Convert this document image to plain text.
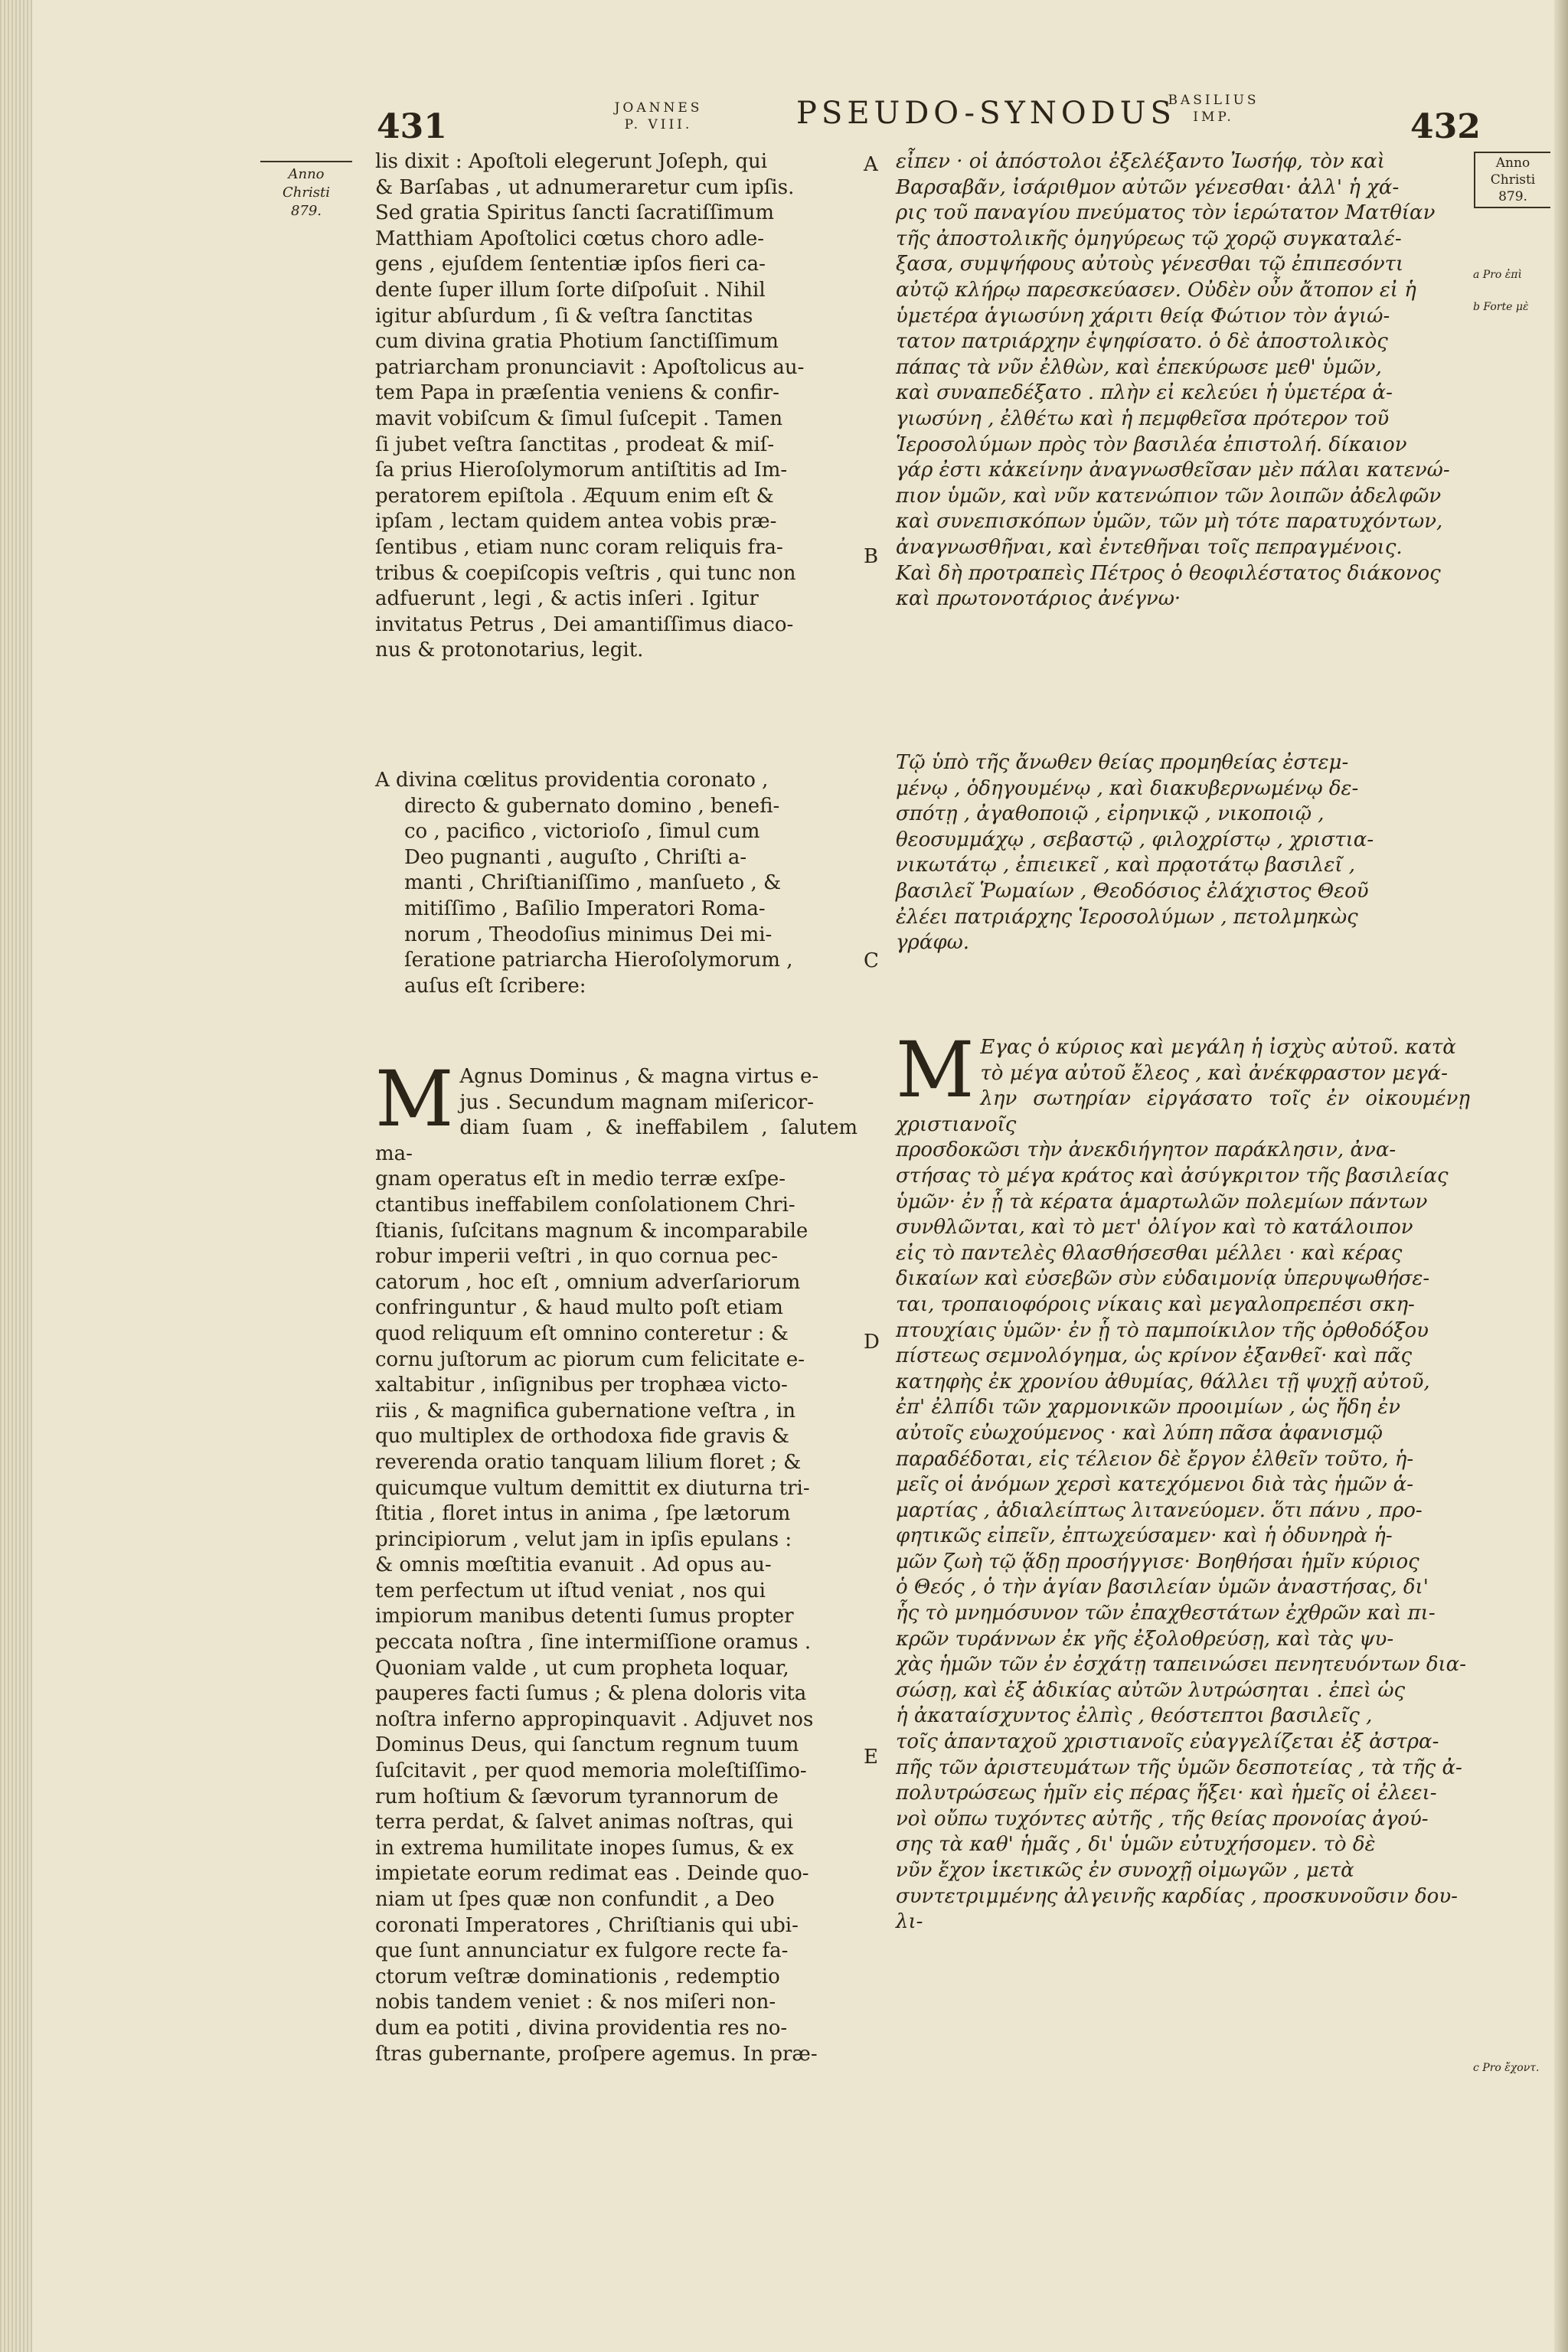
431	JOANNES
P. VIII.	PSEUDO-SYNODUS
BASILIUS
IMP.	432
Anno
Christi
879.
Anno
Christi
879.
A
B
C
D
E
a Pro ἐπὶ
b Forte μὲ
c Pro ἔχοντ.

lis dixit : Apoſtoli elegerunt Joſeph, qui
& Barſabas , ut adnumeraretur cum ipſis.
Sed gratia Spiritus ſancti ſacratiſſimum
Matthiam Apoſtolici cœtus choro adle-
gens , ejuſdem ſententiæ ipſos fieri ca-
dente ſuper illum ſorte diſpoſuit . Nihil
igitur abſurdum , ſi & veſtra ſanctitas
cum divina gratia Photium ſanctiſſimum
patriarcham pronunciavit : Apoſtolicus au-
tem Papa in præſentia veniens & confir-
mavit vobiſcum & ſimul ſuſcepit . Tamen
ſi jubet veſtra ſanctitas , prodeat & miſ-
ſa prius Hieroſolymorum antiſtitis ad Im-
peratorem epiſtola . Æquum enim eſt &
ipſam , lectam quidem antea vobis præ-
ſentibus , etiam nunc coram reliquis fra-
tribus & coepiſcopis veſtris , qui tunc non
adfuerunt , legi , & actis inſeri . Igitur
invitatus Petrus , Dei amantiſſimus diaco-
nus & protonotarius, legit.

A divina cœlitus providentia coronato ,
directo & gubernato domino , benefi-
co , pacifico , victorioſo , ſimul cum
Deo pugnanti , auguſto , Chriſti a-
manti , Chriſtianiſſimo , manſueto , &
mitiſſimo , Baſilio Imperatori Roma-
norum , Theodoſius minimus Dei mi-
ſeratione patriarcha Hieroſolymorum ,
auſus eſt ſcribere:

M Agnus Dominus , & magna virtus e-
jus . Secundum magnam miſericor-
diam ſuam , & ineffabilem , ſalutem ma-
gnam operatus eſt in medio terræ exſpe-
ctantibus ineffabilem conſolationem Chri-
ſtianis, ſuſcitans magnum & incomparabile
robur imperii veſtri , in quo cornua pec-
catorum , hoc eſt , omnium adverſariorum
confringuntur , & haud multo poſt etiam
quod reliquum eſt omnino conteretur : &
cornu juſtorum ac piorum cum felicitate e-
xaltabitur , inſignibus per trophæa victo-
riis , & magnifica gubernatione veſtra , in
quo multiplex de orthodoxa fide gravis &
reverenda oratio tanquam lilium floret ; &
quicumque vultum demittit ex diuturna tri-
ſtitia , floret intus in anima , ſpe lætorum
principiorum , velut jam in ipſis epulans :
& omnis mœſtitia evanuit . Ad opus au-
tem perfectum ut iſtud veniat , nos qui
impiorum manibus detenti ſumus propter
peccata noſtra , ſine intermiſſione oramus .
Quoniam valde , ut cum propheta loquar,
pauperes facti ſumus ; & plena doloris vita
noſtra inferno appropinquavit . Adjuvet nos
Dominus Deus, qui ſanctum regnum tuum
ſuſcitavit , per quod memoria moleſtiſſimo-
rum hoſtium & ſævorum tyrannorum de
terra perdat, & ſalvet animas noſtras, qui
in extrema humilitate inopes ſumus, & ex
impietate eorum redimat eas . Deinde quo-
niam ut ſpes quæ non confundit , a Deo
coronati Imperatores , Chriſtianis qui ubi-
que ſunt annunciatur ex fulgore recte fa-
ctorum veſtræ dominationis , redemptio
nobis tandem veniet : & nos miſeri non-
dum ea potiti , divina providentia res no-
ſtras gubernante, proſpere agemus. In præ-

εἶπεν · οἱ ἀπόστολοι ἐξελέξαντο Ἰωσήφ, τὸν καὶ
Βαρσαβᾶν, ἰσάριθμον αὐτῶν γένεσθαι· ἀλλ' ἡ χά-
ρις τοῦ παναγίου πνεύματος τὸν ἱερώτατον Ματθίαν
τῆς ἀποστολικῆς ὁμηγύρεως τῷ χορῷ συγκαταλέ-
ξασα, συμψήφους αὐτοὺς γένεσθαι τῷ ἐπιπεσόντι
αὐτῷ κλήρῳ παρεσκεύασεν. Οὐδὲν οὖν ἄτοπον εἰ ἡ
ὑμετέρα ἁγιωσύνη χάριτι θείᾳ Φώτιον τὸν ἁγιώ-
τατον πατριάρχην ἐψηφίσατο. ὁ δὲ ἀποστολικὸς
πάπας τὰ νῦν ἐλθὼν, καὶ ἐπεκύρωσε μεθ' ὑμῶν,
καὶ συναπεδέξατο . πλὴν εἰ κελεύει ἡ ὑμετέρα ἁ-
γιωσύνη , ἐλθέτω καὶ ἡ πεμφθεῖσα πρότερον τοῦ
Ἱεροσολύμων πρὸς τὸν βασιλέα ἐπιστολή. δίκαιον
γάρ ἐστι κἀκείνην ἀναγνωσθεῖσαν μὲν πάλαι κατενώ-
πιον ὑμῶν, καὶ νῦν κατενώπιον τῶν λοιπῶν ἀδελφῶν
καὶ συνεπισκόπων ὑμῶν, τῶν μὴ τότε παρατυχόντων,
ἀναγνωσθῆναι, καὶ ἐντεθῆναι τοῖς πεπραγμένοις.
Καὶ δὴ προτραπεὶς Πέτρος ὁ θεοφιλέστατος διάκονος
καὶ πρωτονοτάριος ἀνέγνω·

Τῷ ὑπὸ τῆς ἄνωθεν θείας προμηθείας ἐστεμ-
μένῳ , ὁδηγουμένῳ , καὶ διακυβερνωμένῳ δε-
σπότῃ , ἀγαθοποιῷ , εἰρηνικῷ , νικοποιῷ ,
θεοσυμμάχῳ , σεβαστῷ , φιλοχρίστῳ , χριστια-
νικωτάτῳ , ἐπιεικεῖ , καὶ πρᾳοτάτῳ βασιλεῖ ,
βασιλεῖ Ῥωμαίων , Θεοδόσιος ἐλάχιστος Θεοῦ
ἐλέει πατριάρχης Ἱεροσολύμων , πετολμηκὼς
γράφω.

M Εγας ὁ κύριος καὶ μεγάλη ἡ ἰσχὺς αὐτοῦ. κατὰ
τὸ μέγα αὐτοῦ ἔλεος , καὶ ἀνέκφραστον μεγά-
λην σωτηρίαν εἰργάσατο τοῖς ἐν οἰκουμένῃ χριστιανοῖς
προσδοκῶσι τὴν ἀνεκδιήγητον παράκλησιν, ἀνα-
στήσας τὸ μέγα κράτος καὶ ἀσύγκριτον τῆς βασιλείας
ὑμῶν· ἐν ᾗ τὰ κέρατα ἁμαρτωλῶν πολεμίων πάντων
συνθλῶνται, καὶ τὸ μετ' ὀλίγον καὶ τὸ κατάλοιπον
εἰς τὸ παντελὲς θλασθήσεσθαι μέλλει · καὶ κέρας
δικαίων καὶ εὐσεβῶν σὺν εὐδαιμονίᾳ ὑπερυψωθήσε-
ται, τροπαιοφόροις νίκαις καὶ μεγαλοπρεπέσι σκη-
πτουχίαις ὑμῶν· ἐν ᾗ τὸ παμποίκιλον τῆς ὀρθοδόξου
πίστεως σεμνολόγημα, ὡς κρίνον ἐξανθεῖ· καὶ πᾶς
κατηφὴς ἐκ χρονίου ἀθυμίας, θάλλει τῇ ψυχῇ αὐτοῦ,
ἐπ' ἐλπίδι τῶν χαρμονικῶν προοιμίων , ὡς ἤδη ἐν
αὐτοῖς εὐωχούμενος · καὶ λύπη πᾶσα ἀφανισμῷ
παραδέδοται, εἰς τέλειον δὲ ἔργον ἐλθεῖν τοῦτο, ἡ-
μεῖς οἱ ἀνόμων χερσὶ κατεχόμενοι διὰ τὰς ἡμῶν ἁ-
μαρτίας , ἀδιαλείπτως λιτανεύομεν. ὅτι πάνυ , προ-
φητικῶς εἰπεῖν, ἐπτωχεύσαμεν· καὶ ἡ ὀδυνηρὰ ἡ-
μῶν ζωὴ τῷ ᾅδῃ προσήγγισε· Βοηθήσαι ἡμῖν κύριος
ὁ Θεός , ὁ τὴν ἁγίαν βασιλείαν ὑμῶν ἀναστήσας, δι'
ἧς τὸ μνημόσυνον τῶν ἐπαχθεστάτων ἐχθρῶν καὶ πι-
κρῶν τυράννων ἐκ γῆς ἐξολοθρεύσῃ, καὶ τὰς ψυ-
χὰς ἡμῶν τῶν ἐν ἐσχάτῃ ταπεινώσει πενητευόντων δια-
σώσῃ, καὶ ἐξ ἀδικίας αὐτῶν λυτρώσηται . ἐπεὶ ὡς
ἡ ἀκαταίσχυντος ἐλπὶς , θεόστεπτοι βασιλεῖς ,
τοῖς ἁπανταχοῦ χριστιανοῖς εὐαγγελίζεται ἐξ ἀστρα-
πῆς τῶν ἀριστευμάτων τῆς ὑμῶν δεσποτείας , τὰ τῆς ἀ-
πολυτρώσεως ἡμῖν εἰς πέρας ἥξει· καὶ ἡμεῖς οἱ ἐλεει-
νοὶ οὔπω τυχόντες αὐτῆς , τῆς θείας προνοίας ἀγού-
σης τὰ καθ' ἡμᾶς , δι' ὑμῶν εὐτυχήσομεν. τὸ δὲ
νῦν ἔχον ἱκετικῶς ἐν συνοχῇ οἰμωγῶν , μετὰ
συντετριμμένης ἀλγεινῆς καρδίας , προσκυνοῦσιν δου-
λι-
